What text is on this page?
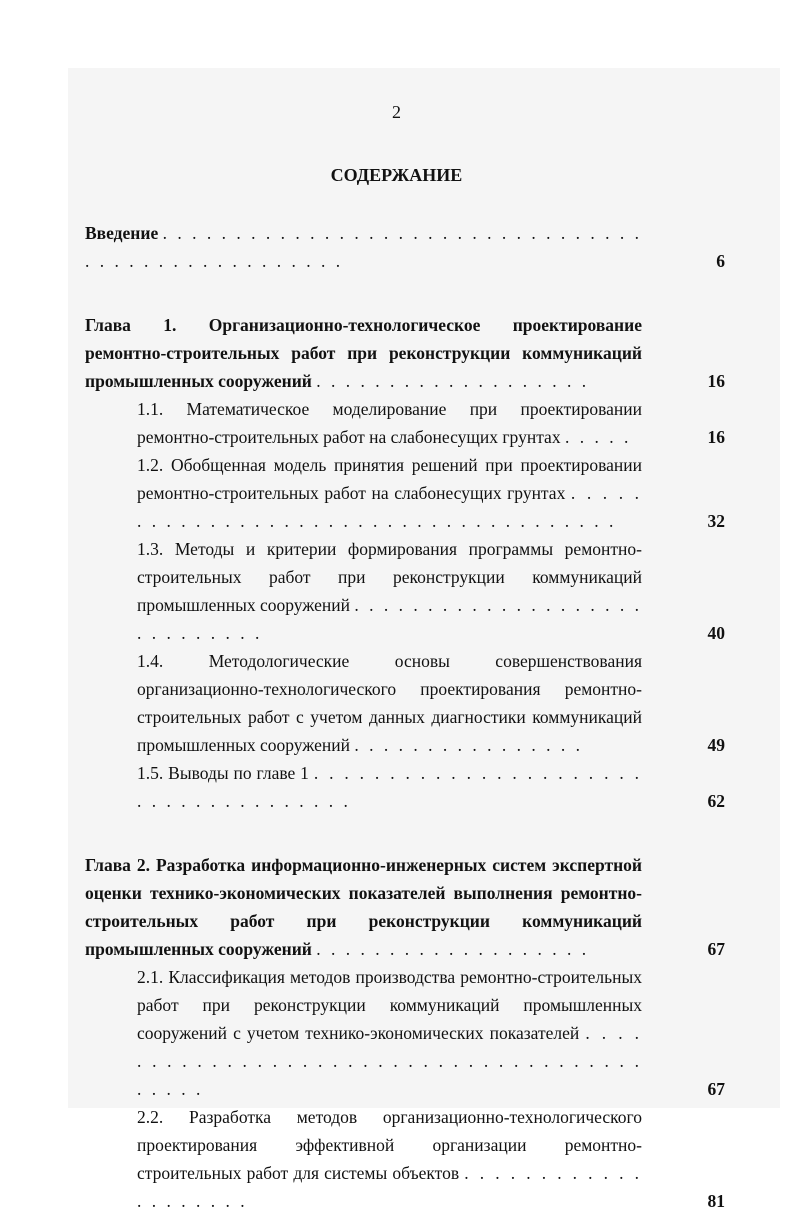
2
СОДЕРЖАНИЕ
Введение . . . . . . . . . . . . . . . . . . . . . . . . . . . . . . . . . . . . . . . . . . . . . . . . . . .	6
Глава 1. Организационно-технологическое проектирование ремонтно-строительных работ при реконструкции коммуникаций промышленных сооружений . . . . . . . . . . . . . . . . . . .	16
1.1. Математическое моделирование при проектировании ремонтно-строительных работ на слабонесущих грунтах . . . . .	16
1.2. Обобщенная модель принятия решений при проектировании ремонтно-строительных работ на слабонесущих грунтах . . . . . . . . . . . . . . . . . . . . . . . . . . . . . . . . . . . . . .	32
1.3. Методы и критерии формирования программы ремонтно-строительных работ при реконструкции коммуникаций промышленных сооружений . . . . . . . . . . . . . . . . . . . . . . . . . . . . .	40
1.4. Методологические основы совершенствования организационно-технологического проектирования ремонтно-строительных работ с учетом данных диагностики коммуникаций промышленных сооружений . . . . . . . . . . . . . . . .	49
1.5. Выводы по главе 1 . . . . . . . . . . . . . . . . . . . . . . . . . . . . . . . . . . . . .	62
Глава 2. Разработка информационно-инженерных систем экспертной оценки технико-экономических показателей выполнения ремонтно-строительных работ при реконструкции коммуникаций промышленных сооружений . . . . . . . . . . . . . . . . . . .	67
2.1. Классификация методов производства ремонтно-строительных работ при реконструкции коммуникаций промышленных сооружений с учетом технико-экономических показателей . . . . . . . . . . . . . . . . . . . . . . . . . . . . . . . . . . . . . . . . . . .	67
2.2. Разработка методов организационно-технологического проектирования эффективной организации ремонтно-строительных работ для системы объектов . . . . . . . . . . . . . . . . . . . .	81
